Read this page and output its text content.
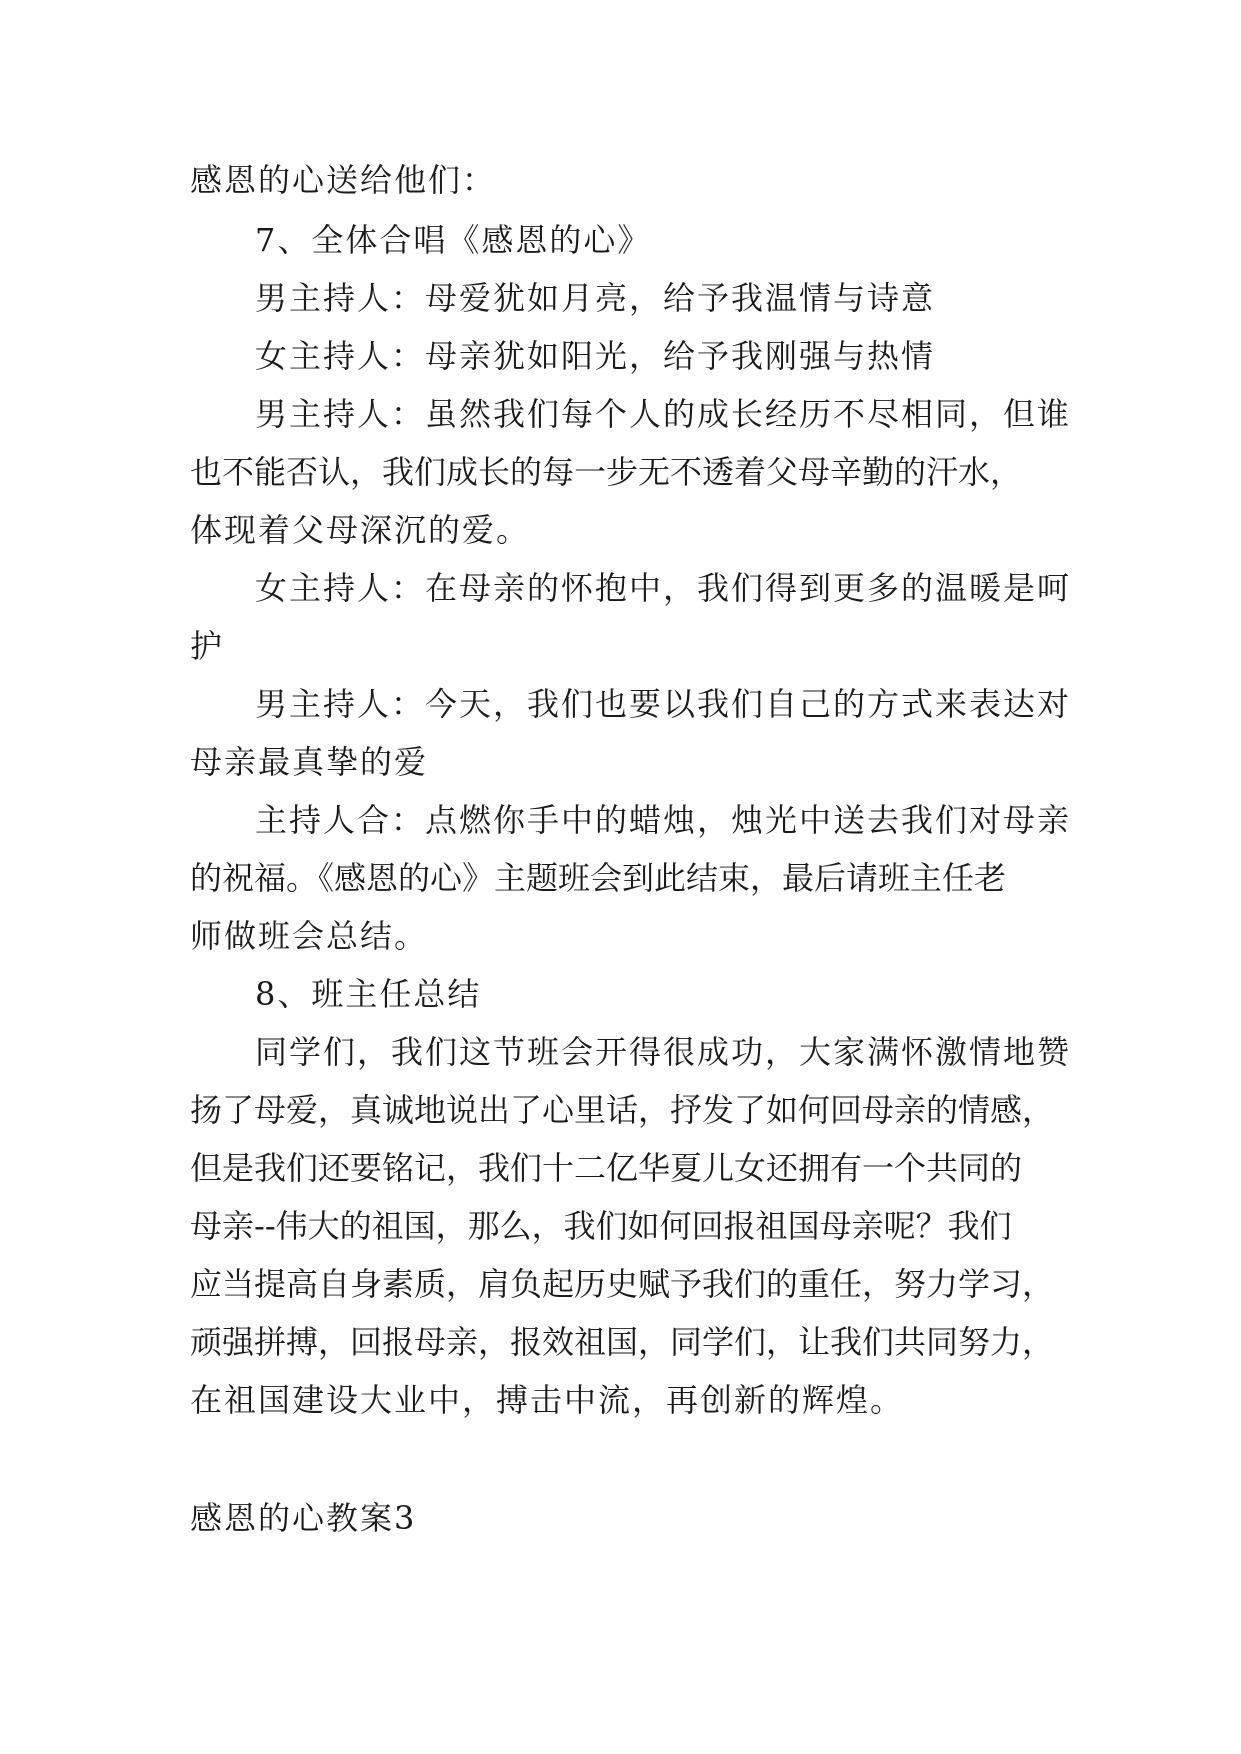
感恩的心送给他们：
7、全体合唱《感恩的心》
男主持人：母爱犹如月亮，给予我温情与诗意
女主持人：母亲犹如阳光，给予我刚强与热情
男主持人：虽然我们每个人的成长经历不尽相同，但谁
也不能否认，我们成长的每一步无不透着父母辛勤的汗水，
体现着父母深沉的爱。
女主持人：在母亲的怀抱中，我们得到更多的温暖是呵
护
男主持人：今天，我们也要以我们自己的方式来表达对
母亲最真挚的爱
主持人合：点燃你手中的蜡烛，烛光中送去我们对母亲
的祝福。《感恩的心》主题班会到此结束，最后请班主任老
师做班会总结。
8、班主任总结
同学们，我们这节班会开得很成功，大家满怀激情地赞
扬了母爱，真诚地说出了心里话，抒发了如何回母亲的情感，
但是我们还要铭记，我们十二亿华夏儿女还拥有一个共同的
母亲--伟大的祖国，那么，我们如何回报祖国母亲呢？我们
应当提高自身素质，肩负起历史赋予我们的重任，努力学习，
顽强拼搏，回报母亲，报效祖国，同学们，让我们共同努力，
在祖国建设大业中，搏击中流，再创新的辉煌。
感恩的心教案3
